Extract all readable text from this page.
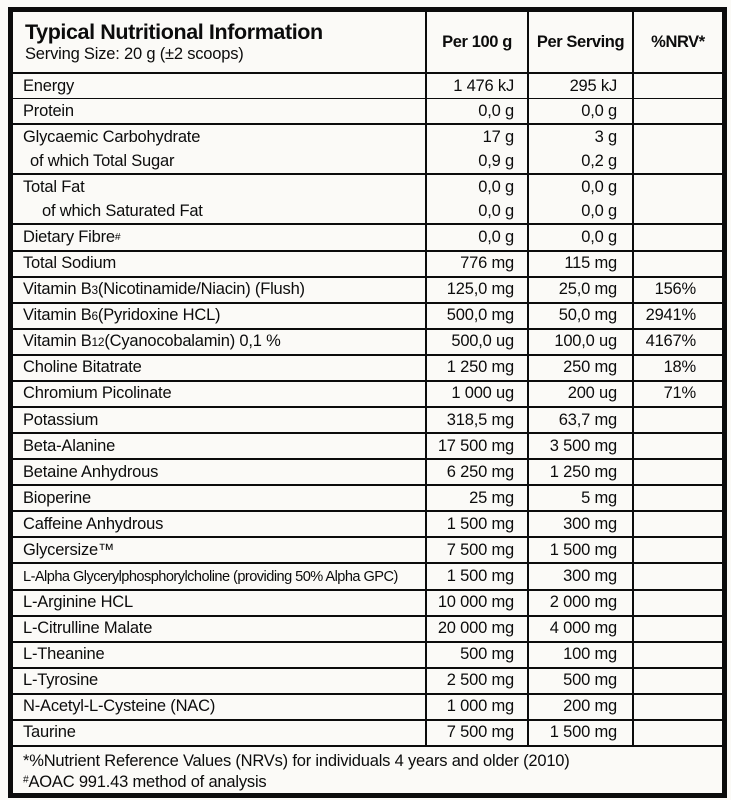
Typical Nutritional Information
Serving Size: 20 g (±2 scoops)
Per 100 g	Per Serving	%NRV*
Energy	1 476 kJ	295 kJ
Protein	0,0 g	0,0 g
Glycaemic Carbohydrate	17 g	3 g
of which Total Sugar	0,9 g	0,2 g
Total Fat	0,0 g	0,0 g
of which Saturated Fat	0,0 g	0,0 g
Dietary Fibre #	0,0 g	0,0 g
Total Sodium	776 mg	115 mg
Vitamin B 3 (Nicotinamide/Niacin) (Flush)	125,0 mg	25,0 mg	156%
Vitamin B 6 (Pyridoxine HCL)	500,0 mg	50,0 mg	2941%
Vitamin B 12 (Cyanocobalamin) 0,1 %	500,0 ug	100,0 ug	4167%
Choline Bitatrate	1 250 mg	250 mg	18%
Chromium Picolinate	1 000 ug	200 ug	71%
Potassium	318,5 mg	63,7 mg
Beta-Alanine	17 500 mg	3 500 mg
Betaine Anhydrous	6 250 mg	1 250 mg
Bioperine	25 mg	5 mg
Caffeine Anhydrous	1 500 mg	300 mg
Glycersize™	7 500 mg	1 500 mg
L-Alpha Glycerylphosphorylcholine (providing 50% Alpha GPC)	1 500 mg	300 mg
L-Arginine HCL	10 000 mg	2 000 mg
L-Citrulline Malate	20 000 mg	4 000 mg
L-Theanine	500 mg	100 mg
L-Tyrosine	2 500 mg	500 mg
N-Acetyl-L-Cysteine (NAC)	1 000 mg	200 mg
Taurine	7 500 mg	1 500 mg
*%Nutrient Reference Values (NRVs) for individuals 4 years and older (2010)
#AOAC 991.43 method of analysis
